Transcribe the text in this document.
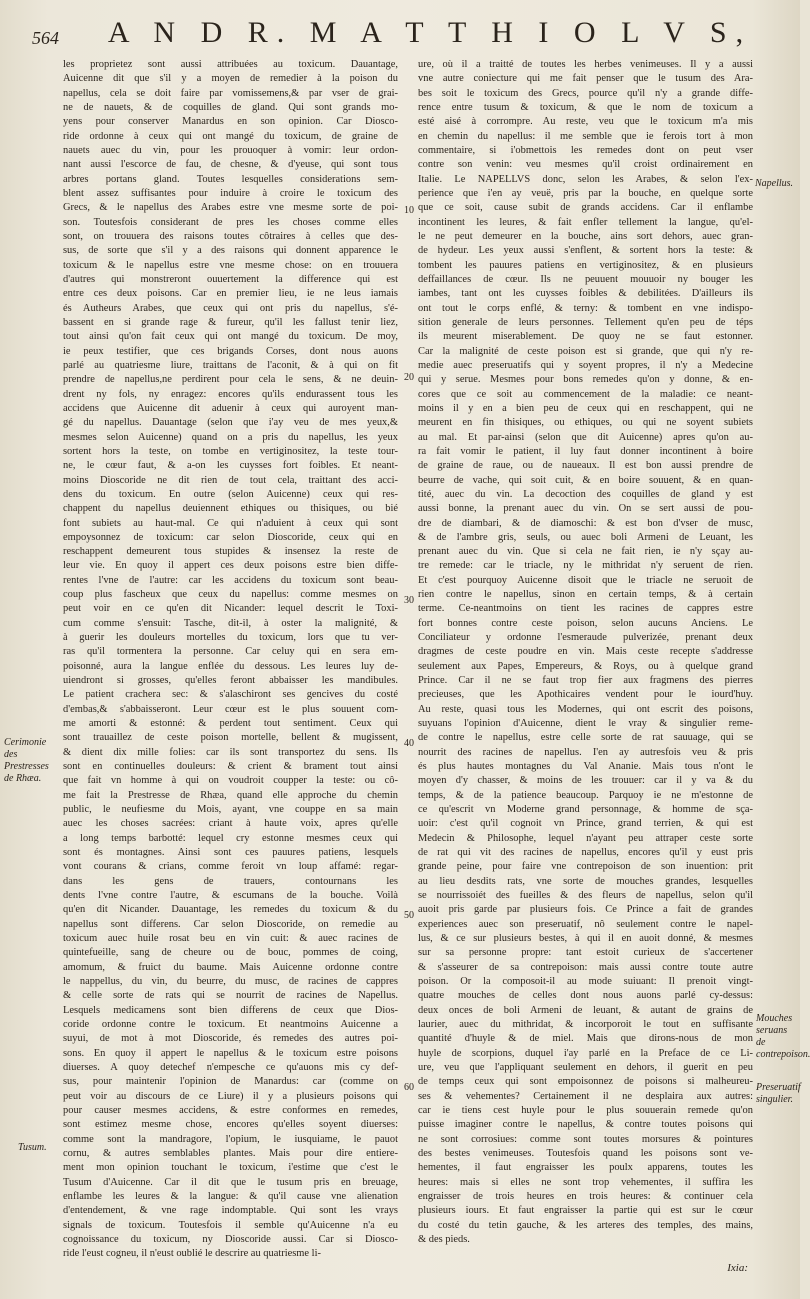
564	A N D R. M A T T H I O L V S,
les proprietez sont aussi attribuées au toxicum. Dauantage,
Auicenne dit que s'il y a moyen de remedier à la poison du
napellus, cela se doit faire par vomissemens,& par vser de grai-
ne de nauets, & de coquilles de gland. Qui sont grands mo-
yens pour conserver Manardus en son opinion. Car Diosco-
ride ordonne à ceux qui ont mangé du toxicum, de graine de
nauets auec du vin, pour les prouoquer à vomir: leur ordon-
nant aussi l'escorce de fau, de chesne, & d'yeuse, qui sont tous
arbres portans gland. Toutes lesquelles considerations sem-
blent assez suffisantes pour induire à croire le toxicum des
Grecs, & le napellus des Arabes estre vne mesme sorte de poi-
son. Toutesfois considerant de pres les choses comme elles
sont, on trouuera des raisons toutes côtraires à celles que des-
sus, de sorte que s'il y a des raisons qui donnent apparence le
toxicum & le napellus estre vne mesme chose: on en trouuera
d'autres qui monstreront ouuertement la difference qui est
entre ces deux poisons. Car en premier lieu, ie ne leus iamais
és Autheurs Arabes, que ceux qui ont pris du napellus, s'é-
bassent en si grande rage & fureur, qu'il les fallust tenir liez,
tout ainsi qu'on fait ceux qui ont mangé du toxicum. De moy,
ie peux testifier, que ces brigands Corses, dont nous auons
parlé au quatriesme liure, traittans de l'aconit, & à qui on fit
prendre de napellus,ne perdirent pour cela le sens, & ne deuin-
drent ny fols, ny enragez: encores qu'ils endurassent tous les
accidens que Auicenne dit aduenir à ceux qui auroyent man-
gé du napellus. Dauantage (selon que i'ay veu de mes yeux,&
mesmes selon Auicenne) quand on a pris du napellus, les yeux
sortent hors la teste, on tombe en vertiginositez, la teste tour-
ne, le cœur faut, & a-on les cuysses fort foibles. Et neant-
moins Dioscoride ne dit rien de tout cela, traittant des acci-
dens du toxicum. En outre (selon Auicenne) ceux qui res-
chappent du napellus deuiennent ethiques ou thisiques, ou bié
font subiets au haut-mal. Ce qui n'aduient à ceux qui sont
empoysonnez de toxicum: car selon Dioscoride, ceux qui en
reschappent demeurent tous stupides & insensez la reste de
leur vie. En quoy il appert ces deux poisons estre bien diffe-
rentes l'vne de l'autre: car les accidens du toxicum sont beau-
coup plus fascheux que ceux du napellus: comme mesmes on
peut voir en ce qu'en dit Nicander: lequel descrit le Toxi-
cum comme s'ensuit: Tasche, dit-il, à oster la malignité, &
à guerir les douleurs mortelles du toxicum, lors que tu ver-
ras qu'il tormentera la personne. Car celuy qui en sera em-
poisonné, aura la langue enflée du dessous. Les leures luy de-
uiendront si grosses, qu'elles feront abbaisser les mandibules.
Le patient crachera sec: & s'alaschiront ses gencives du costé
d'embas,& s'abbaisseront. Leur cœur est le plus souuent com-
me amorti & estonné: & perdent tout sentiment. Ceux qui
sont trauaillez de ceste poison mortelle, bellent & mugissent,
& dient dix mille folies: car ils sont transportez du sens. Ils
sont en continuelles douleurs: & crient & brament tout ainsi
que fait vn homme à qui on voudroit coupper la teste: ou cô-
me fait la Prestresse de Rhæa, quand elle approche du chemin
public, le neufiesme du Mois, ayant, vne couppe en sa main
auec les choses sacrées: criant à haute voix, apres qu'elle
a long temps barbotté: lequel cry estonne mesmes ceux qui
sont és montagnes. Ainsi sont ces pauures patiens, lesquels
vont courans & crians, comme feroit vn loup affamé: regar-
dans les gens de trauers, contournans les
dents l'vne contre l'autre, & escumans de la bouche. Voilà
qu'en dit Nicander. Dauantage, les remedes du toxicum & du
napellus sont differens. Car selon Dioscoride, on remedie au
toxicum auec huile rosat beu en vin cuit: & auec racines de
quintefueille, sang de cheure ou de bouc, pommes de coing,
amomum, & fruict du baume. Mais Auicenne ordonne contre
le nappellus, du vin, du beurre, du musc, de racines de cappres
& celle sorte de rats qui se nourrit de racines de Napellus.
Lesquels medicamens sont bien differens de ceux que Dios-
coride ordonne contre le toxicum. Et neantmoins Auicenne a
suyui, de mot à mot Dioscoride, és remedes des autres poi-
sons. En quoy il appert le napellus & le toxicum estre poisons
diuerses. A quoy detechef n'empesche ce qu'auons mis cy def-
sus, pour maintenir l'opinion de Manardus: car (comme on
peut voir au discours de ce Liure) il y a plusieurs poisons qui
pour causer mesmes accidens, & estre conformes en remedes,
sont estimez mesme chose, encores qu'elles soyent diuerses:
comme sont la mandragore, l'opium, le iusquiame, le pauot
cornu, & autres semblables plantes. Mais pour dire entiere-
ment mon opinion touchant le toxicum, i'estime que c'est le
Tusum d'Auicenne. Car il dit que le tusum pris en breuage,
enflambe les leures & la langue: & qu'il cause vne alienation
d'entendement, & vne rage indomptable. Qui sont les vrays
signals de toxicum. Toutesfois il semble qu'Auicenne n'a eu
cognoissance du toxicum, ny Dioscoride aussi. Car si Diosco-
ride l'eust cogneu, il n'eust oublié le descrire au quatriesme li-
ure, où il a traitté de toutes les herbes venimeuses. Il y a aussi
vne autre coniecture qui me fait penser que le tusum des Ara-
bes soit le toxicum des Grecs, pource qu'il n'y a grande diffe-
rence entre tusum & toxicum, & que le nom de toxicum a
esté aisé à corrompre. Au reste, veu que le toxicum m'a mis
en chemin du napellus: il me semble que ie ferois tort à mon
commentaire, si i'obmettois les remedes dont on peut vser
contre son venin: veu mesmes qu'il croist ordinairement en
Italie. Le NAPELLVS donc, selon les Arabes, & selon l'ex-
perience que i'en ay veuë, pris par la bouche, en quelque sorte
que ce soit, cause subit de grands accidens. Car il enflambe
incontinent les leures, & fait enfler tellement la langue, qu'el-
le ne peut demeurer en la bouche, ains sort dehors, auec gran-
de hydeur. Les yeux aussi s'enflent, & sortent hors la teste: &
tombent les pauures patiens en vertiginositez, & en plusieurs
deffaillances de cœur. Ils ne peuuent mouuoir ny bouger les
iambes, tant ont les cuysses foibles & debilitées. D'ailleurs ils
ont tout le corps enflé, & terny: & tombent en vne indispo-
sition generale de leurs personnes. Tellement qu'en peu de téps
ils meurent miserablement. De quoy ne se faut estonner.
Car la malignité de ceste poison est si grande, que qui n'y re-
medie auec preseruatifs qui y soyent propres, il n'y a Medecine
qui y serue. Mesmes pour bons remedes qu'on y donne, & en-
cores que ce soit au commencement de la maladie: ce neant-
moins il y en a bien peu de ceux qui en reschappent, qui ne
meurent en fin thisiques, ou ethiques, ou qui ne soyent subiets
au mal. Et par-ainsi (selon que dit Auicenne) apres qu'on au-
ra fait vomir le patient, il luy faut donner incontinent à boire
de graine de raue, ou de naueaux. Il est bon aussi prendre de
beurre de vache, qui soit cuit, & en boire souuent, & en quan-
tité, auec du vin. La decoction des coquilles de gland y est
aussi bonne, la prenant auec du vin. On se sert aussi de pou-
dre de diambari, & de diamoschi: & est bon d'vser de musc,
& de l'ambre gris, seuls, ou auec boli Armeni de Leuant, les
prenant auec du vin. Que si cela ne fait rien, ie n'y sçay au-
tre remede: car le triacle, ny le mithridat n'y seruent de rien.
Et c'est pourquoy Auicenne disoit que le triacle ne seruoit de
rien contre le napellus, sinon en certain temps, & à certain
terme. Ce-neantmoins on tient les racines de cappres estre
fort bonnes contre ceste poison, selon aucuns Anciens. Le
Conciliateur y ordonne l'esmeraude pulverizée, prenant deux
dragmes de ceste poudre en vin. Mais ceste recepte s'addresse
seulement aux Papes, Empereurs, & Roys, ou à quelque grand
Prince. Car il ne se faut trop fier aux fragmens des pierres
precieuses, que les Apothicaires vendent pour le iourd'huy.
Au reste, quasi tous les Modernes, qui ont escrit des poisons,
suyuans l'opinion d'Auicenne, dient le vray & singulier reme-
de contre le napellus, estre celle sorte de rat sauuage, qui se
nourrit des racines de napellus. I'en ay autresfois veu & pris
és plus hautes montagnes du Val Ananie. Mais tous n'ont le
moyen d'y chasser, & moins de les trouuer: car il y va & du
temps, & de la patience beaucoup. Parquoy ie ne m'estonne de
ce qu'escrit vn Moderne grand personnage, & homme de sça-
uoir: c'est qu'il cognoit vn Prince, grand terrien, & qui est
Medecin & Philosophe, lequel n'ayant peu attraper ceste sorte
de rat qui vit des racines de napellus, encores qu'il y eust pris
grande peine, pour faire vne contrepoison de son inuention: prit
au lieu desdits rats, vne sorte de mouches grandes, lesquelles
se nourrissoiét des fueilles & des fleurs de napellus, selon qu'il
auoit pris garde par plusieurs fois. Ce Prince a fait de grandes
experiences auec son preseruatif, nô seulement contre le napel-
lus, & ce sur plusieurs bestes, à qui il en auoit donné, & mesmes
sur sa personne propre: tant estoit curieux de s'accertener
& s'asseurer de sa contrepoison: mais aussi contre toute autre
poison. Or la composoit-il au mode suiuant: Il prenoit vingt-
quatre mouches de celles dont nous auons parlé cy-dessus:
deux onces de boli Armeni de leuant, & autant de grains de
laurier, auec du mithridat, & incorporoit le tout en suffisante
quantité d'huyle & de miel. Mais que dirons-nous de mon
huyle de scorpions, duquel i'ay parlé en la Preface de ce Li-
ure, veu que l'appliquant seulement en dehors, il guerit en peu
de temps ceux qui sont empoisonnez de poisons si malheureu-
ses & vehementes? Certainement il ne desplaira aux autres:
car ie tiens cest huyle pour le plus souuerain remede qu'on
puisse imaginer contre le napellus, & contre toutes poisons qui
ne sont corrosiues: comme sont toutes morsures & pointures
des bestes venimeuses. Toutesfois quand les poisons sont ve-
hementes, il faut engraisser les poulx apparens, toutes les
heures: mais si elles ne sont trop vehementes, il suffira les
engraisser de trois heures en trois heures: & continuer cela
plusieurs iours. Et faut engraisser la partie qui est sur le cœur
du costé du tetin gauche, & les arteres des temples, des mains,
& des pieds.
10
20
30
40
50
60
Napellus.
Cerimonie des Prestresses de Rhæa.
Tusum.
Mouches seruans de contrepoison.
Preseruatif singulier.
Ixia:
